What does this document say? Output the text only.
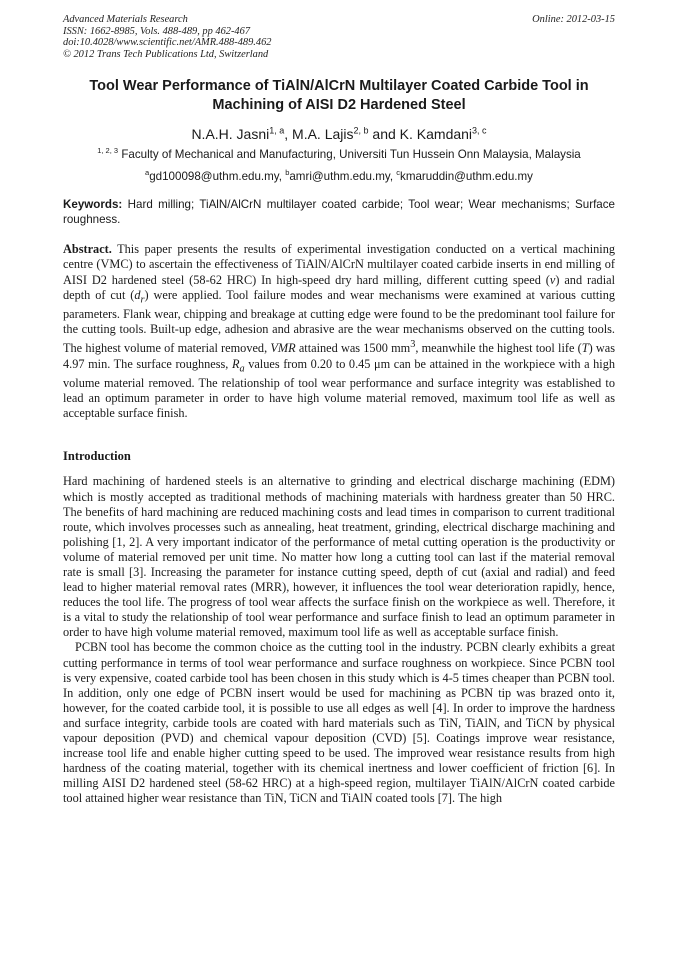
Advanced Materials Research
ISSN: 1662-8985, Vols. 488-489, pp 462-467
doi:10.4028/www.scientific.net/AMR.488-489.462
© 2012 Trans Tech Publications Ltd, Switzerland
Online: 2012-03-15
Tool Wear Performance of TiAlN/AlCrN Multilayer Coated Carbide Tool in Machining of AISI D2 Hardened Steel
N.A.H. Jasni$^{1, a}$, M.A. Lajis$^{2, b}$ and K. Kamdani$^{3, c}$
$^{1, 2, 3}$ Faculty of Mechanical and Manufacturing, Universiti Tun Hussein Onn Malaysia, Malaysia
$^a$gd100098@uthm.edu.my, $^b$amri@uthm.edu.my, $^c$kmaruddin@uthm.edu.my
Keywords: Hard milling; TiAlN/AlCrN multilayer coated carbide; Tool wear; Wear mechanisms; Surface roughness.
Abstract. This paper presents the results of experimental investigation conducted on a vertical machining centre (VMC) to ascertain the effectiveness of TiAlN/AlCrN multilayer coated carbide inserts in end milling of AISI D2 hardened steel (58-62 HRC) In high-speed dry hard milling, different cutting speed (v) and radial depth of cut $(d_r)$ were applied. Tool failure modes and wear mechanisms were examined at various cutting parameters. Flank wear, chipping and breakage at cutting edge were found to be the predominant tool failure for the cutting tools. Built-up edge, adhesion and abrasive are the wear mechanisms observed on the cutting tools. The highest volume of material removed, VMR attained was 1500 $mm^3$, meanwhile the highest tool life (T) was 4.97 min. The surface roughness, $R_a$ values from 0.20 to 0.45 μm can be attained in the workpiece with a high volume material removed. The relationship of tool wear performance and surface integrity was established to lead an optimum parameter in order to have high volume material removed, maximum tool life as well as acceptable surface finish.
Introduction
Hard machining of hardened steels is an alternative to grinding and electrical discharge machining (EDM) which is mostly accepted as traditional methods of machining materials with hardness greater than 50 HRC. The benefits of hard machining are reduced machining costs and lead times in comparison to current traditional route, which involves processes such as annealing, heat treatment, grinding, electrical discharge machining and polishing [1, 2]. A very important indicator of the performance of metal cutting operation is the productivity or volume of material removed per unit time. No matter how long a cutting tool can last if the material removal rate is small [3]. Increasing the parameter for instance cutting speed, depth of cut (axial and radial) and feed lead to higher material removal rates (MRR), however, it influences the tool wear deterioration rapidly, hence, reduces the tool life. The progress of tool wear affects the surface finish on the workpiece as well. Therefore, it is a vital to study the relationship of tool wear performance and surface finish to lead an optimum parameter in order to have high volume material removed, maximum tool life as well as acceptable surface finish.
PCBN tool has become the common choice as the cutting tool in the industry. PCBN clearly exhibits a great cutting performance in terms of tool wear performance and surface roughness on workpiece. Since PCBN tool is very expensive, coated carbide tool has been chosen in this study which is 4-5 times cheaper than PCBN tool. In addition, only one edge of PCBN insert would be used for machining as PCBN tip was brazed onto it, however, for the coated carbide tool, it is possible to use all edges as well [4]. In order to improve the hardness and surface integrity, carbide tools are coated with hard materials such as TiN, TiAlN, and TiCN by physical vapour deposition (PVD) and chemical vapour deposition (CVD) [5]. Coatings improve wear resistance, increase tool life and enable higher cutting speed to be used. The improved wear resistance results from high hardness of the coating material, together with its chemical inertness and lower coefficient of friction [6]. In milling AISI D2 hardened steel (58-62 HRC) at a high-speed region, multilayer TiAlN/AlCrN coated carbide tool attained higher wear resistance than TiN, TiCN and TiAlN coated tools [7]. The high
